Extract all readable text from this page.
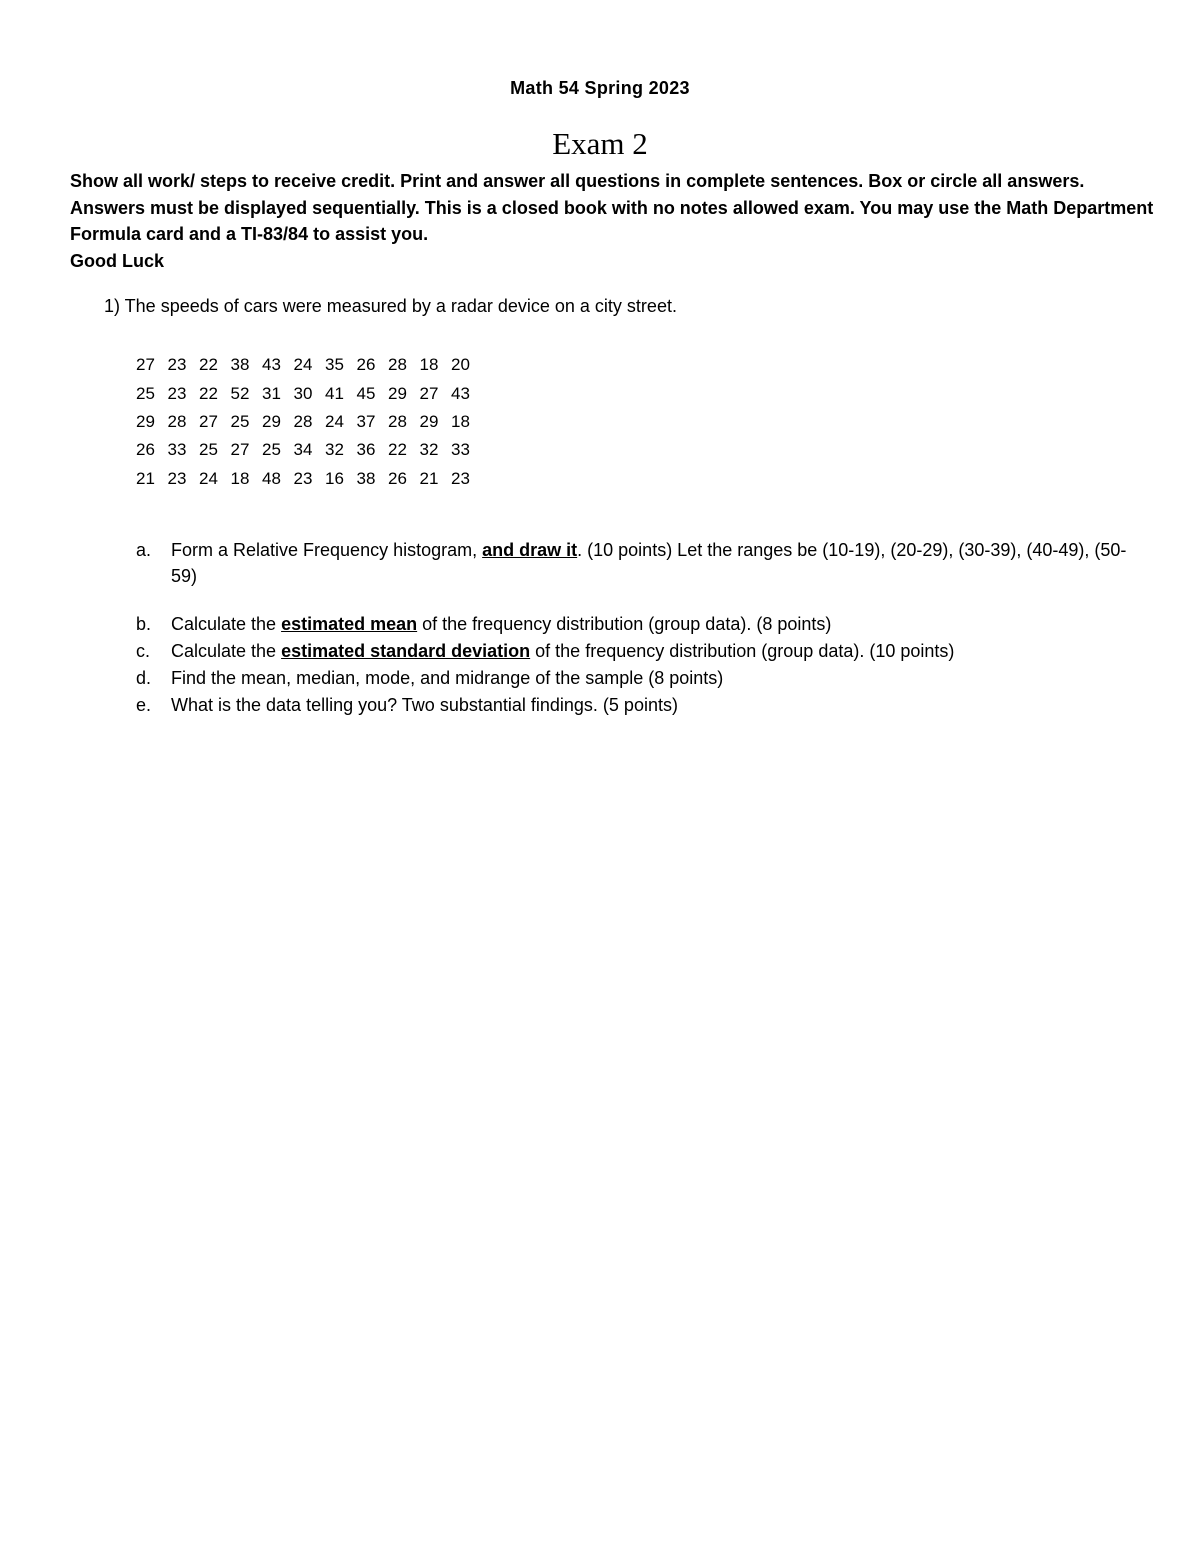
Math 54 Spring 2023
Exam 2

Show all work/ steps to receive credit. Print and answer all questions in complete sentences. Box or circle all answers. Answers must be displayed sequentially. This is a closed book with no notes allowed exam. You may use the Math Department Formula card and a TI-83/84 to assist you.

Good Luck

1) The speeds of cars were measured by a radar device on a city street.
27	23	22	38	43	24	35	26	28	18	20
25	23	22	52	31	30	41	45	29	27	43
29	28	27	25	29	28	24	37	28	29	18
26	33	25	27	25	34	32	36	22	32	33
21	23	24	18	48	23	16	38	26	21	23
a. Form a Relative Frequency histogram, and draw it. (10 points) Let the ranges be (10-19), (20-29), (30-39), (40-49), (50-59)
b. Calculate the estimated mean of the frequency distribution (group data). (8 points)
c. Calculate the estimated standard deviation of the frequency distribution (group data). (10 points)
d. Find the mean, median, mode, and midrange of the sample (8 points)
e. What is the data telling you? Two substantial findings. (5 points)
